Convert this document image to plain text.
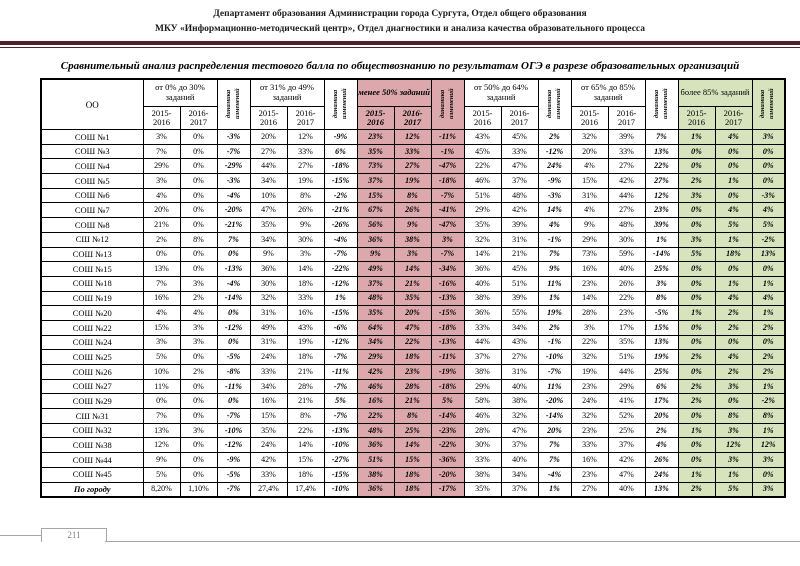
Департамент образования Администрации города Сургута, Отдел общего образования
МКУ «Информационно-методический центр», Отдел диагностики и анализа качества образовательного процесса
Сравнительный анализ распределения тестового балла по обществознанию по результатам ОГЭ в разрезе образовательных организаций
ОО	от 0% до 30% заданий		динамика изменений	от 31% до 49% заданий		динамика изменений	менее 50% заданий		динамика изменений	от 50% до 64% заданий		динамика изменений	от 65% до 85% заданий		динамика изменений	более 85% заданий		динамика изменений
	2015-2016	2016-2017		2015-2016	2016-2017		2015-2016	2016-2017		2015-2016	2016-2017		2015-2016	2016-2017		2015-2016	2016-2017	
СОШ №1	3%	0%	-3%	20%	12%	-9%	23%	12%	-11%	43%	45%	2%	32%	39%	7%	1%	4%	3%
СОШ №3	7%	0%	-7%	27%	33%	6%	35%	33%	-1%	45%	33%	-12%	20%	33%	13%	0%	0%	0%
СОШ №4	29%	0%	-29%	44%	27%	-18%	73%	27%	-47%	22%	47%	24%	4%	27%	22%	0%	0%	0%
СОШ №5	3%	0%	-3%	34%	19%	-15%	37%	19%	-18%	46%	37%	-9%	15%	42%	27%	2%	1%	0%
СОШ №6	4%	0%	-4%	10%	8%	-2%	15%	8%	-7%	51%	48%	-3%	31%	44%	12%	3%	0%	-3%
СОШ №7	20%	0%	-20%	47%	26%	-21%	67%	26%	-41%	29%	42%	14%	4%	27%	23%	0%	4%	4%
СОШ №8	21%	0%	-21%	35%	9%	-26%	56%	9%	-47%	35%	39%	4%	9%	48%	39%	0%	5%	5%
СШ №12	2%	8%	7%	34%	30%	-4%	36%	38%	3%	32%	31%	-1%	29%	30%	1%	3%	1%	-2%
СОШ №13	0%	0%	0%	9%	3%	-7%	9%	3%	-7%	14%	21%	7%	73%	59%	-14%	5%	18%	13%
СОШ №15	13%	0%	-13%	36%	14%	-22%	49%	14%	-34%	36%	45%	9%	16%	40%	25%	0%	0%	0%
СОШ №18	7%	3%	-4%	30%	18%	-12%	37%	21%	-16%	40%	51%	11%	23%	26%	3%	0%	1%	1%
СОШ №19	16%	2%	-14%	32%	33%	1%	48%	35%	-13%	38%	39%	1%	14%	22%	8%	0%	4%	4%
СОШ №20	4%	4%	0%	31%	16%	-15%	35%	20%	-15%	36%	55%	19%	28%	23%	-5%	1%	2%	1%
СОШ №22	15%	3%	-12%	49%	43%	-6%	64%	47%	-18%	33%	34%	2%	3%	17%	15%	0%	2%	2%
СОШ №24	3%	3%	0%	31%	19%	-12%	34%	22%	-13%	44%	43%	-1%	22%	35%	13%	0%	0%	0%
СОШ №25	5%	0%	-5%	24%	18%	-7%	29%	18%	-11%	37%	27%	-10%	32%	51%	19%	2%	4%	2%
СОШ №26	10%	2%	-8%	33%	21%	-11%	42%	23%	-19%	38%	31%	-7%	19%	44%	25%	0%	2%	2%
СОШ №27	11%	0%	-11%	34%	28%	-7%	46%	28%	-18%	29%	40%	11%	23%	29%	6%	2%	3%	1%
СОШ №29	0%	0%	0%	16%	21%	5%	16%	21%	5%	58%	38%	-20%	24%	41%	17%	2%	0%	-2%
СШ №31	7%	0%	-7%	15%	8%	-7%	22%	8%	-14%	46%	32%	-14%	32%	52%	20%	0%	8%	8%
СОШ №32	13%	3%	-10%	35%	22%	-13%	48%	25%	-23%	28%	47%	20%	23%	25%	2%	1%	3%	1%
СОШ №38	12%	0%	-12%	24%	14%	-10%	36%	14%	-22%	30%	37%	7%	33%	37%	4%	0%	12%	12%
СОШ №44	9%	0%	-9%	42%	15%	-27%	51%	15%	-36%	33%	40%	7%	16%	42%	26%	0%	3%	3%
СОШ №45	5%	0%	-5%	33%	18%	-15%	38%	18%	-20%	38%	34%	-4%	23%	47%	24%	1%	1%	0%
По городу	8,20%	1,10%	-7%	27,4%	17,4%	-10%	36%	18%	-17%	35%	37%	1%	27%	40%	13%	2%	5%	3%
211
